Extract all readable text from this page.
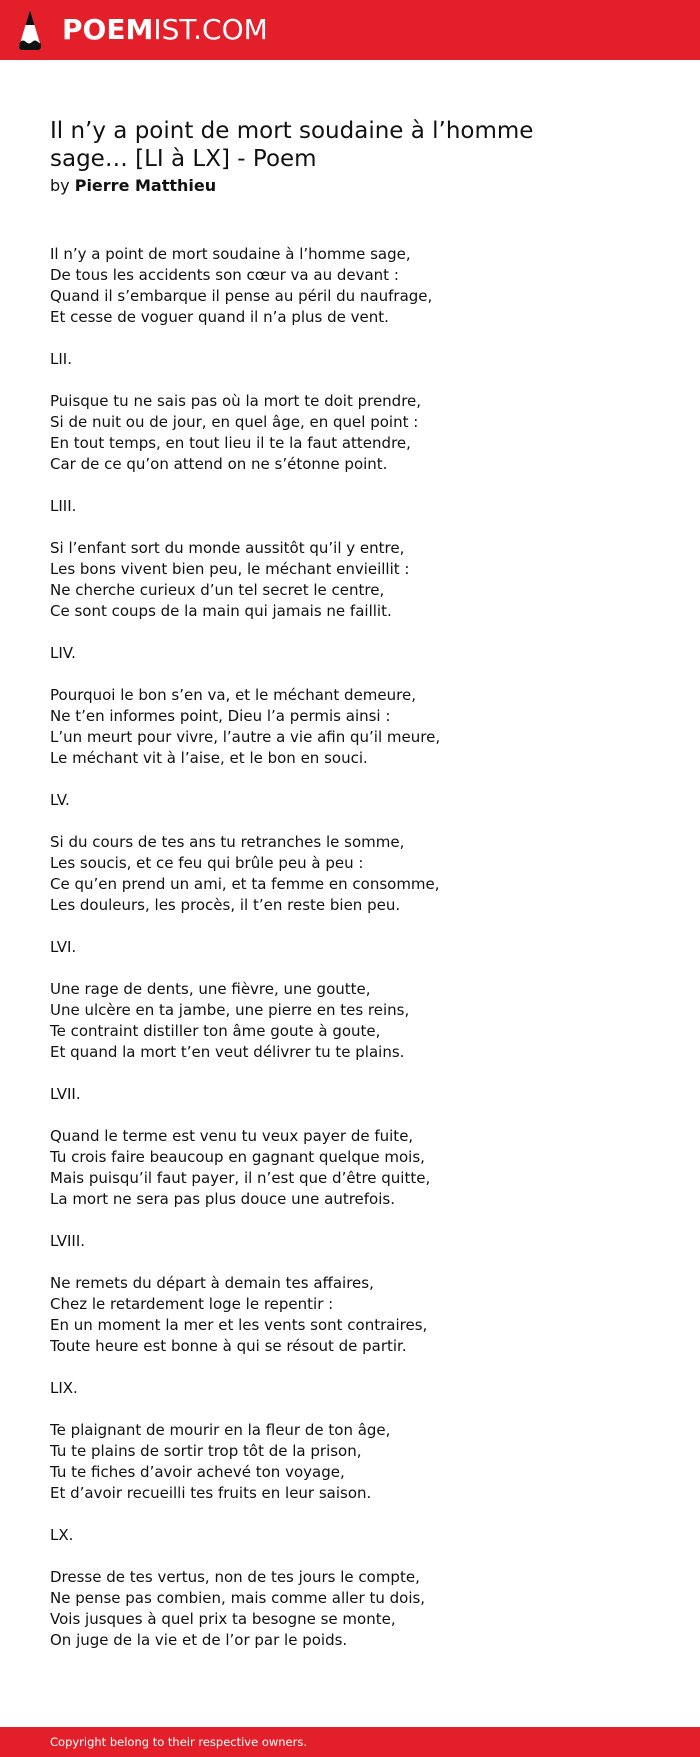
POEMIST.COM
Il n’y a point de mort soudaine à l’homme
sage… [LI à LX] - Poem
by Pierre Matthieu
Il n’y a point de mort soudaine à l’homme sage,
De tous les accidents son cœur va au devant :
Quand il s’embarque il pense au péril du naufrage,
Et cesse de voguer quand il n’a plus de vent.
LII.
Puisque tu ne sais pas où la mort te doit prendre,
Si de nuit ou de jour, en quel âge, en quel point :
En tout temps, en tout lieu il te la faut attendre,
Car de ce qu’on attend on ne s’étonne point.
LIII.
Si l’enfant sort du monde aussitôt qu’il y entre,
Les bons vivent bien peu, le méchant envieillit :
Ne cherche curieux d’un tel secret le centre,
Ce sont coups de la main qui jamais ne faillit.
LIV.
Pourquoi le bon s’en va, et le méchant demeure,
Ne t’en informes point, Dieu l’a permis ainsi :
L’un meurt pour vivre, l’autre a vie afin qu’il meure,
Le méchant vit à l’aise, et le bon en souci.
LV.
Si du cours de tes ans tu retranches le somme,
Les soucis, et ce feu qui brûle peu à peu :
Ce qu’en prend un ami, et ta femme en consomme,
Les douleurs, les procès, il t’en reste bien peu.
LVI.
Une rage de dents, une fièvre, une goutte,
Une ulcère en ta jambe, une pierre en tes reins,
Te contraint distiller ton âme goute à goute,
Et quand la mort t’en veut délivrer tu te plains.
LVII.
Quand le terme est venu tu veux payer de fuite,
Tu crois faire beaucoup en gagnant quelque mois,
Mais puisqu’il faut payer, il n’est que d’être quitte,
La mort ne sera pas plus douce une autrefois.
LVIII.
Ne remets du départ à demain tes affaires,
Chez le retardement loge le repentir :
En un moment la mer et les vents sont contraires,
Toute heure est bonne à qui se résout de partir.
LIX.
Te plaignant de mourir en la fleur de ton âge,
Tu te plains de sortir trop tôt de la prison,
Tu te fiches d’avoir achevé ton voyage,
Et d’avoir recueilli tes fruits en leur saison.
LX.
Dresse de tes vertus, non de tes jours le compte,
Ne pense pas combien, mais comme aller tu dois,
Vois jusques à quel prix ta besogne se monte,
On juge de la vie et de l’or par le poids.
Copyright belong to their respective owners.
